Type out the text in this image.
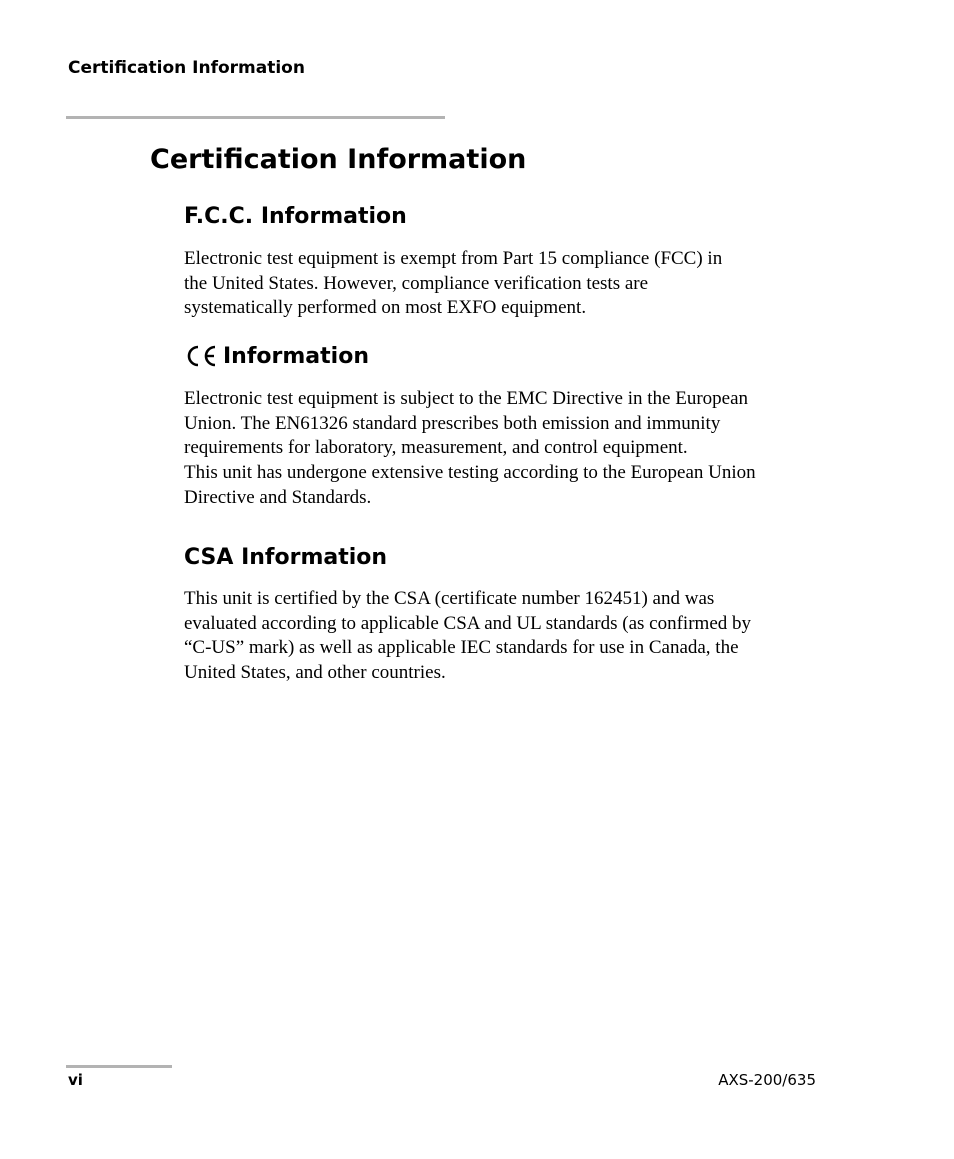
Certification Information
Certification Information
F.C.C. Information

Electronic test equipment is exempt from Part 15 compliance (FCC) in
the United States. However, compliance verification tests are
systematically performed on most EXFO equipment.

Information

Electronic test equipment is subject to the EMC Directive in the European
Union. The EN61326 standard prescribes both emission and immunity
requirements for laboratory, measurement, and control equipment.
This unit has undergone extensive testing according to the European Union
Directive and Standards.

CSA Information

This unit is certified by the CSA (certificate number 162451) and was
evaluated according to applicable CSA and UL standards (as confirmed by
“C-US” mark) as well as applicable IEC standards for use in Canada, the
United States, and other countries.

vi	AXS-200/635
